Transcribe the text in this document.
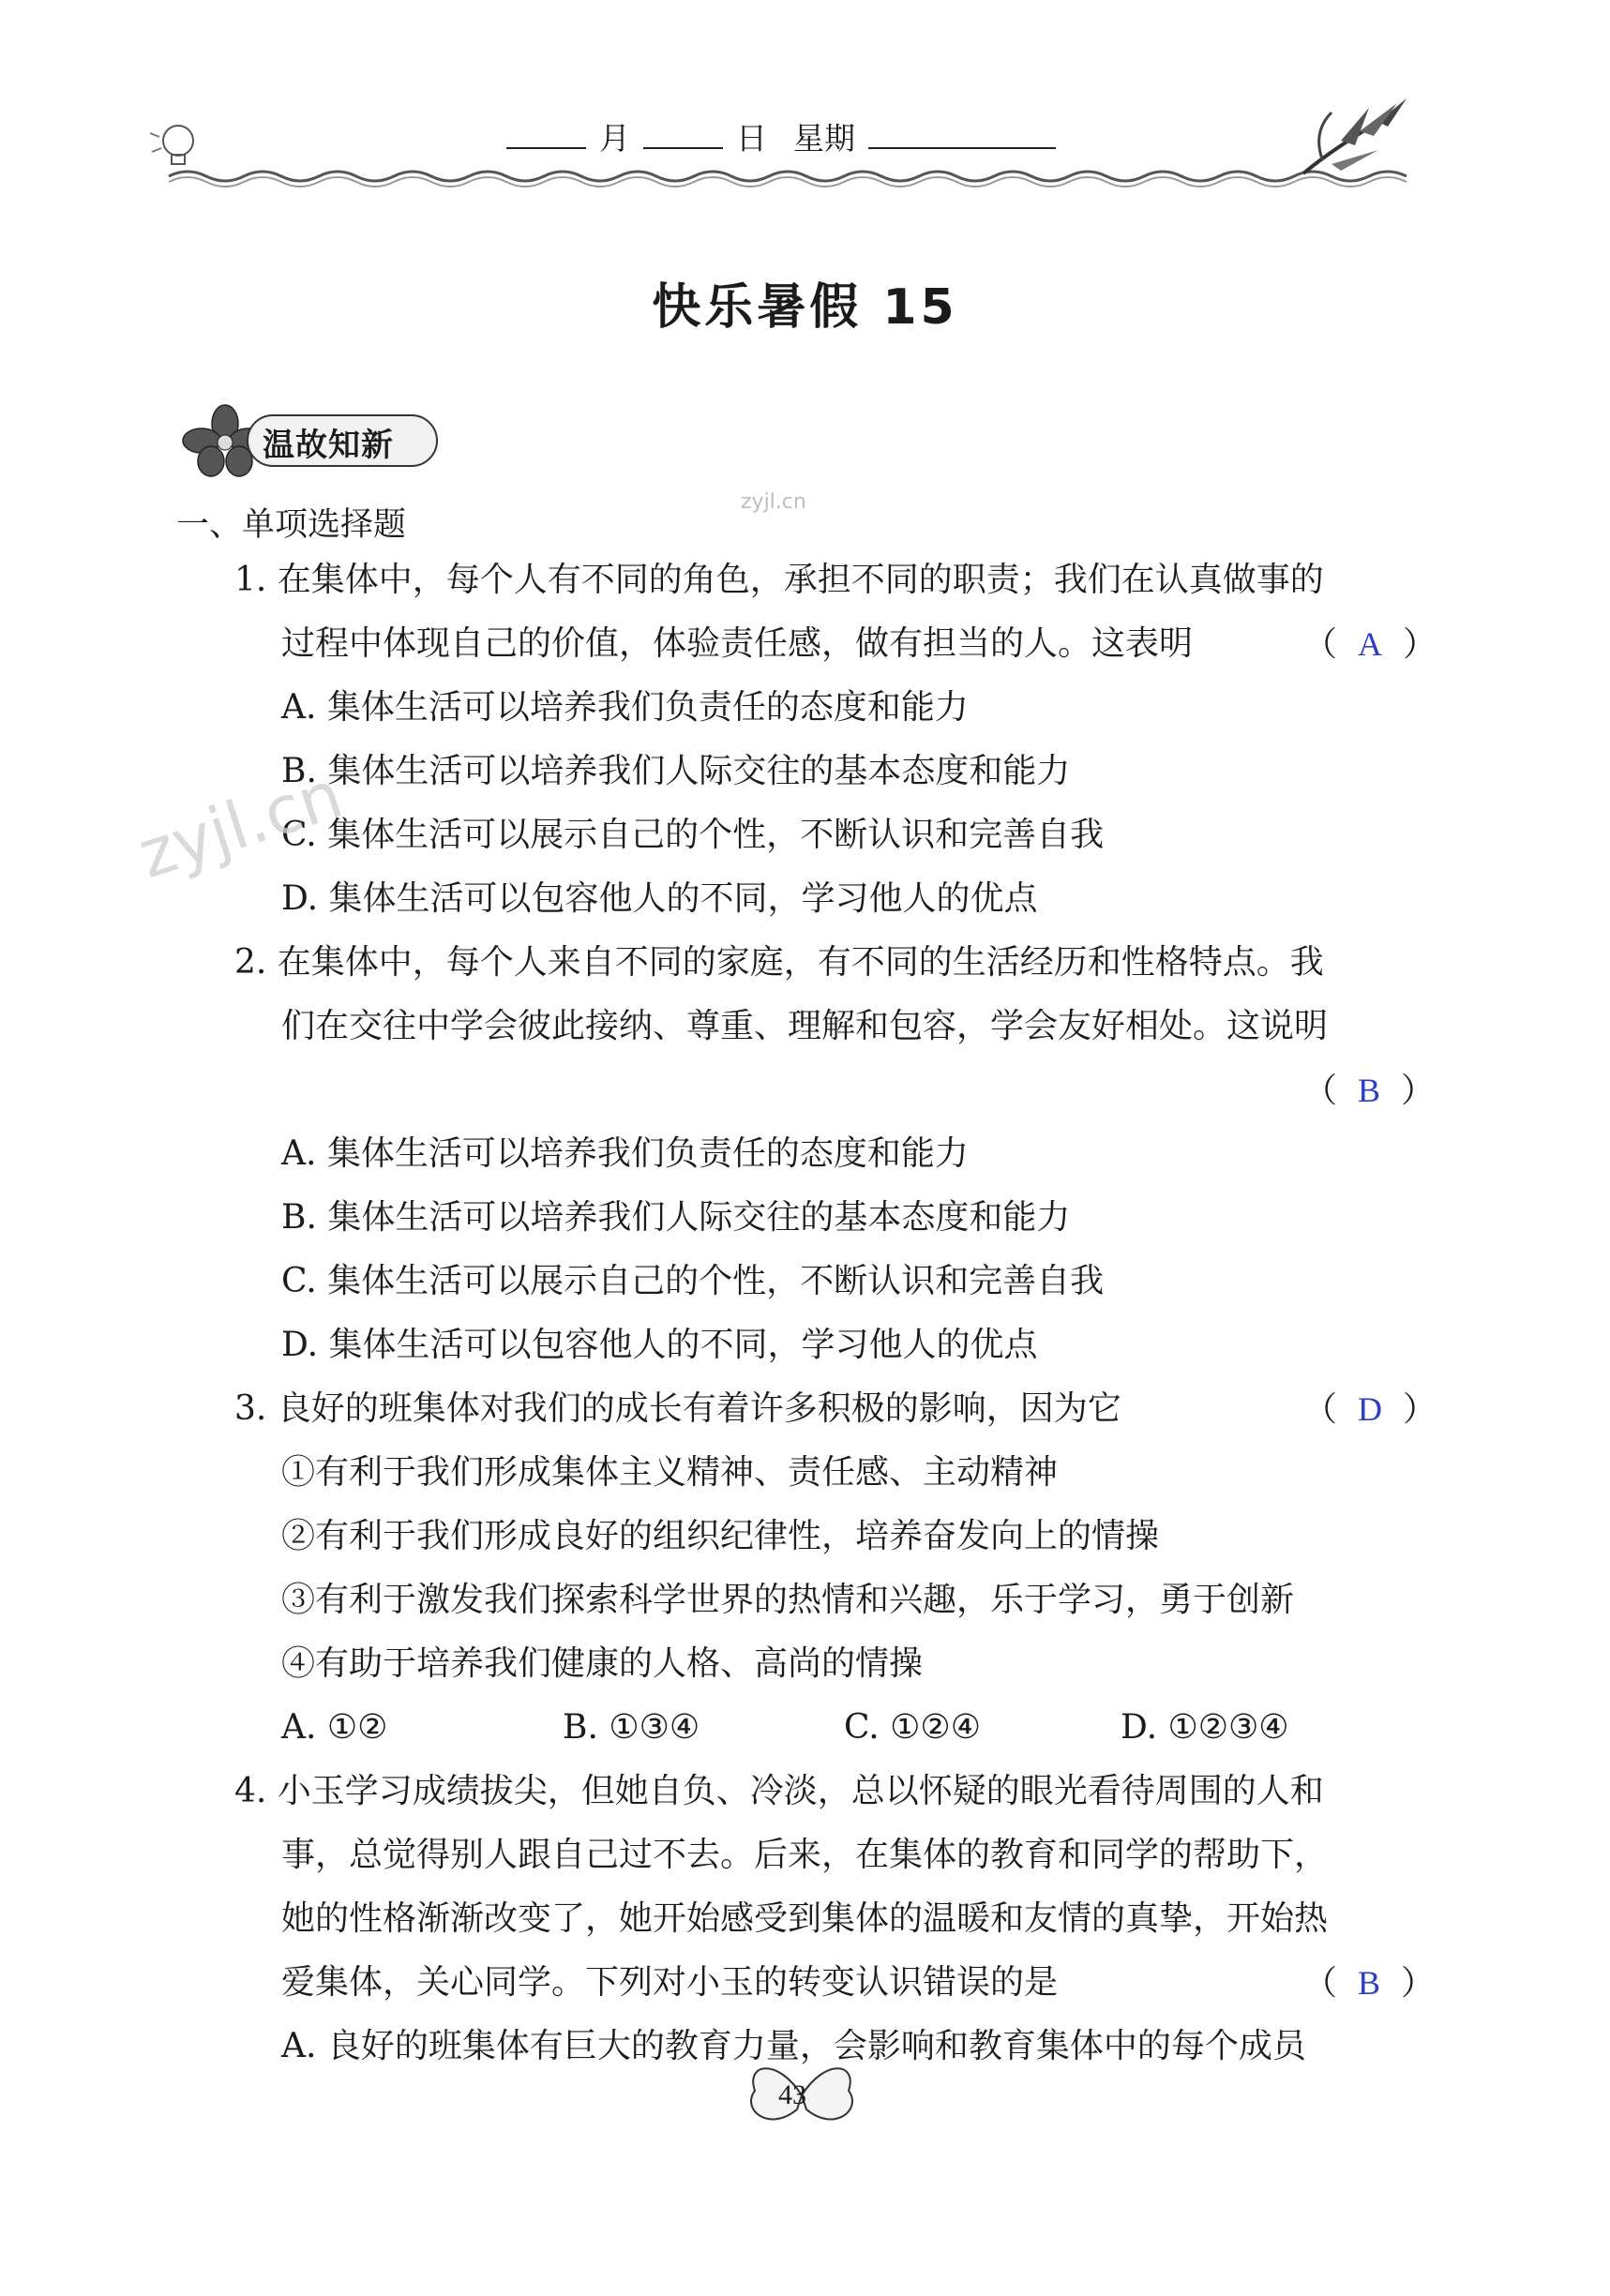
月	日 星期
快乐暑假 15
温故知新
zyjl.cn
一、单项选择题
1. 在集体中，每个人有不同的角色，承担不同的职责；我们在认真做事的
过程中体现自己的价值，体验责任感，做有担当的人。这表明	（ A ）
A. 集体生活可以培养我们负责任的态度和能力
B. 集体生活可以培养我们人际交往的基本态度和能力
C. 集体生活可以展示自己的个性，不断认识和完善自我
D. 集体生活可以包容他人的不同，学习他人的优点
zyjl.cn
2. 在集体中，每个人来自不同的家庭，有不同的生活经历和性格特点。我
们在交往中学会彼此接纳、尊重、理解和包容，学会友好相处。这说明
（ B ）
A. 集体生活可以培养我们负责任的态度和能力
B. 集体生活可以培养我们人际交往的基本态度和能力
C. 集体生活可以展示自己的个性，不断认识和完善自我
D. 集体生活可以包容他人的不同，学习他人的优点
3. 良好的班集体对我们的成长有着许多积极的影响，因为它	（ D ）
①有利于我们形成集体主义精神、责任感、主动精神
②有利于我们形成良好的组织纪律性，培养奋发向上的情操
③有利于激发我们探索科学世界的热情和兴趣，乐于学习，勇于创新
④有助于培养我们健康的人格、高尚的情操
A. ①②	B. ①③④	C. ①②④	D. ①②③④
4. 小玉学习成绩拔尖，但她自负、冷淡，总以怀疑的眼光看待周围的人和
事，总觉得别人跟自己过不去。后来，在集体的教育和同学的帮助下，
她的性格渐渐改变了，她开始感受到集体的温暖和友情的真挚，开始热
爱集体，关心同学。下列对小玉的转变认识错误的是	（ B ）
A. 良好的班集体有巨大的教育力量，会影响和教育集体中的每个成员
43
